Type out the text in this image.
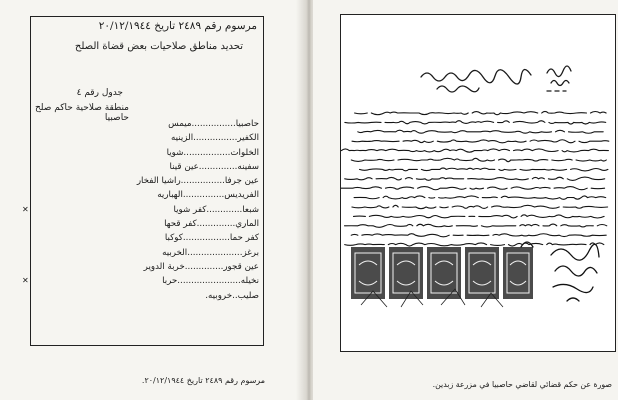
مرسوم رقم ٢٤٨٩ تاريخ ٢٠/١٢/١٩٤٤
تحديد مناطق صلاحيات بعض قضاة الصلح
جدول رقم ٤
منطقة صلاحية حاكم صلح حاصبيا
حاصبيا................ميمس
الكفير................الزينيه
الخلوات.................شويا
سفينه..............عين قينا
عين جرفا................راشيا الفخار
الفريديس...............الهباريه
شبعا.............كفر شويا ✕
الماري..............كفر قحها
كفر حما.................كوكبا
برغز....................الخربيه
عين قجور..............خربة الدوير
نخيله.......................حربا ✕
صليب..خروبيه.
مرسوم رقم ٢٤٨٩ تاريخ ٢٠/١٢/١٩٤٤.	صورة عن حكم قضائي لقاضي حاصبيا في مزرعة زبدين.
